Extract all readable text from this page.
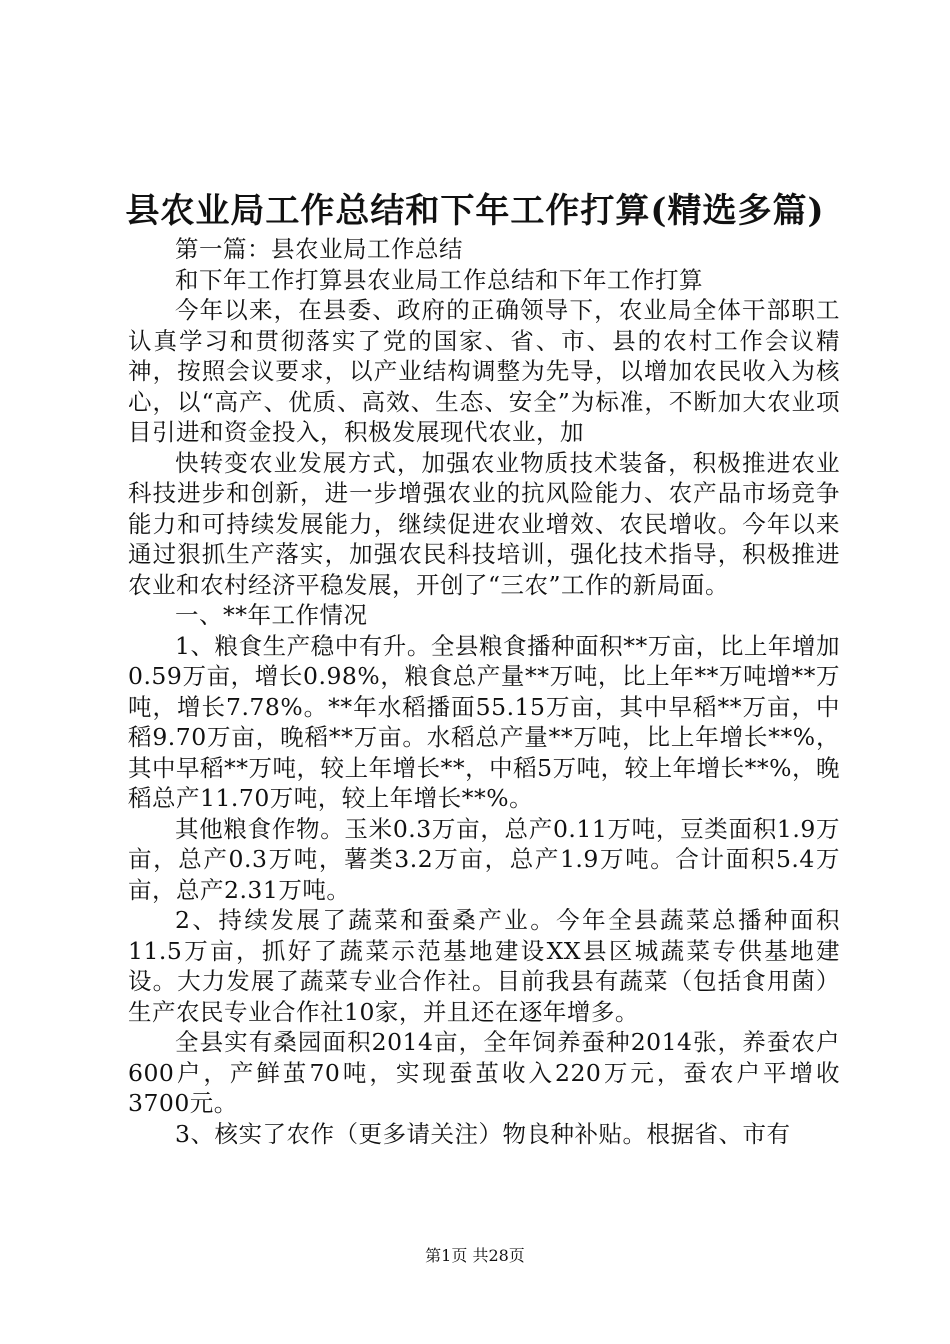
县农业局工作总结和下年工作打算(精选多篇)

第一篇：县农业局工作总结

和下年工作打算县农业局工作总结和下年工作打算

今年以来，在县委、政府的正确领导下，农业局全体干部职工认真学习和贯彻落实了党的国家、省、市、县的农村工作会议精神，按照会议要求，以产业结构调整为先导，以增加农民收入为核心，以“高产、优质、高效、生态、安全”为标准，不断加大农业项目引进和资金投入，积极发展现代农业，加

快转变农业发展方式，加强农业物质技术装备，积极推进农业科技进步和创新，进一步增强农业的抗风险能力、农产品市场竞争能力和可持续发展能力，继续促进农业增效、农民增收。今年以来通过狠抓生产落实，加强农民科技培训，强化技术指导，积极推进农业和农村经济平稳发展，开创了“三农”工作的新局面。

一、**年工作情况

1、粮食生产稳中有升。全县粮食播种面积**万亩，比上年增加0.59万亩，增长0.98%，粮食总产量**万吨，比上年**万吨增**万吨，增长7.78%。**年水稻播面55.15万亩，其中早稻**万亩，中稻9.70万亩，晚稻**万亩。水稻总产量**万吨，比上年增长**%，其中早稻**万吨，较上年增长**，中稻5万吨，较上年增长**%，晚稻总产11.70万吨，较上年增长**%。

其他粮食作物。玉米0.3万亩，总产0.11万吨，豆类面积1.9万亩，总产0.3万吨，薯类3.2万亩，总产1.9万吨。合计面积5.4万亩，总产2.31万吨。

2、持续发展了蔬菜和蚕桑产业。今年全县蔬菜总播种面积11.5万亩，抓好了蔬菜示范基地建设XX县区城蔬菜专供基地建设。大力发展了蔬菜专业合作社。目前我县有蔬菜（包括食用菌）生产农民专业合作社10家，并且还在逐年增多。

全县实有桑园面积2014亩，全年饲养蚕种2014张，养蚕农户600户，产鲜茧70吨，实现蚕茧收入220万元，蚕农户平增收3700元。

3、核实了农作（更多请关注）物良种补贴。根据省、市有

第1页 共28页
